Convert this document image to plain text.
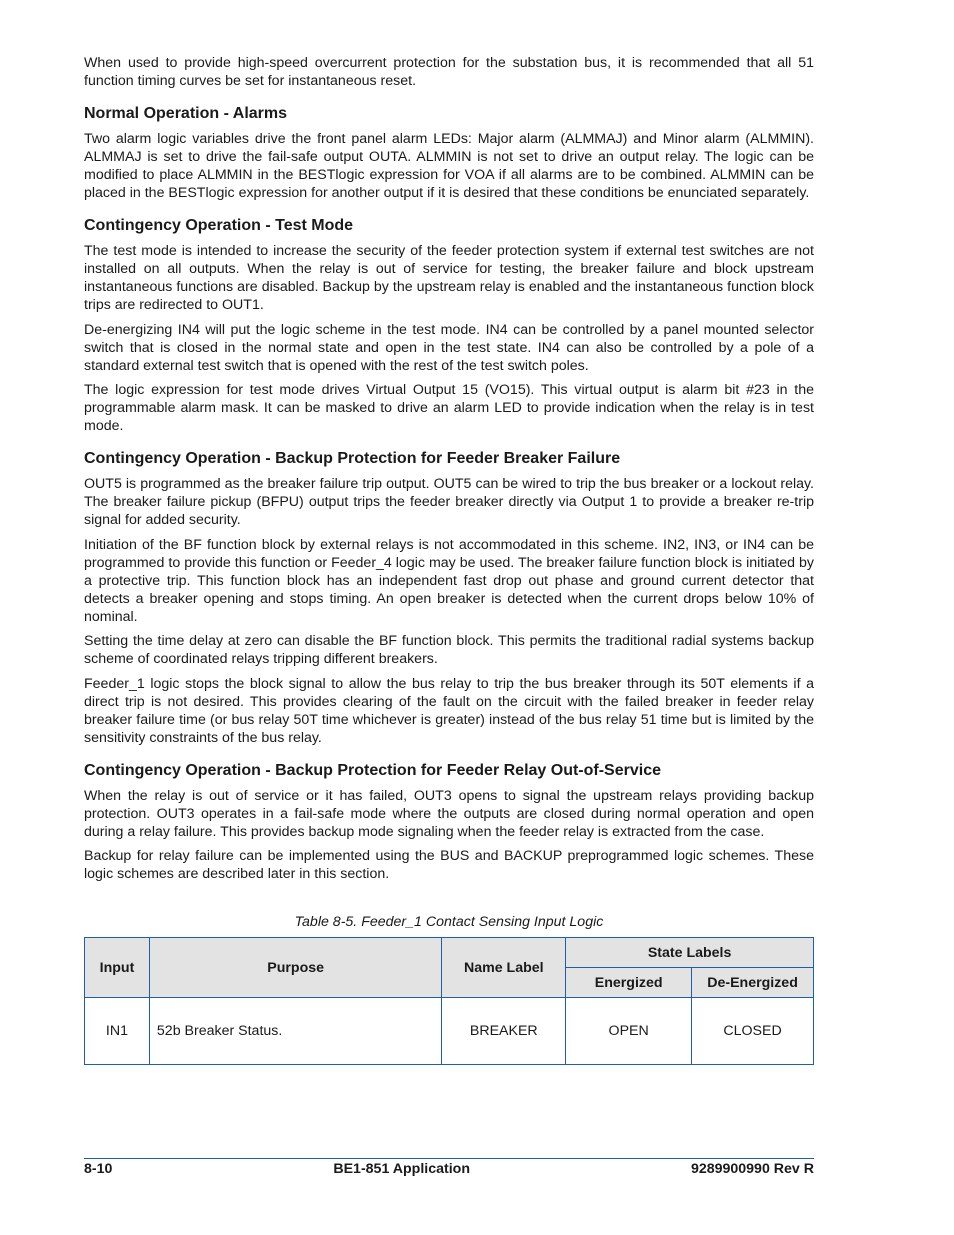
When used to provide high-speed overcurrent protection for the substation bus, it is recommended that all 51 function timing curves be set for instantaneous reset.

Normal Operation - Alarms

Two alarm logic variables drive the front panel alarm LEDs: Major alarm (ALMMAJ) and Minor alarm (ALMMIN). ALMMAJ is set to drive the fail-safe output OUTA. ALMMIN is not set to drive an output relay. The logic can be modified to place ALMMIN in the BESTlogic expression for VOA if all alarms are to be combined. ALMMIN can be placed in the BESTlogic expression for another output if it is desired that these conditions be enunciated separately.

Contingency Operation - Test Mode

The test mode is intended to increase the security of the feeder protection system if external test switches are not installed on all outputs. When the relay is out of service for testing, the breaker failure and block upstream instantaneous functions are disabled. Backup by the upstream relay is enabled and the instantaneous function block trips are redirected to OUT1.

De-energizing IN4 will put the logic scheme in the test mode. IN4 can be controlled by a panel mounted selector switch that is closed in the normal state and open in the test state. IN4 can also be controlled by a pole of a standard external test switch that is opened with the rest of the test switch poles.

The logic expression for test mode drives Virtual Output 15 (VO15). This virtual output is alarm bit #23 in the programmable alarm mask. It can be masked to drive an alarm LED to provide indication when the relay is in test mode.

Contingency Operation - Backup Protection for Feeder Breaker Failure

OUT5 is programmed as the breaker failure trip output. OUT5 can be wired to trip the bus breaker or a lockout relay. The breaker failure pickup (BFPU) output trips the feeder breaker directly via Output 1 to provide a breaker re-trip signal for added security.

Initiation of the BF function block by external relays is not accommodated in this scheme. IN2, IN3, or IN4 can be programmed to provide this function or Feeder_4 logic may be used. The breaker failure function block is initiated by a protective trip. This function block has an independent fast drop out phase and ground current detector that detects a breaker opening and stops timing. An open breaker is detected when the current drops below 10% of nominal.

Setting the time delay at zero can disable the BF function block. This permits the traditional radial systems backup scheme of coordinated relays tripping different breakers.

Feeder_1 logic stops the block signal to allow the bus relay to trip the bus breaker through its 50T elements if a direct trip is not desired. This provides clearing of the fault on the circuit with the failed breaker in feeder relay breaker failure time (or bus relay 50T time whichever is greater) instead of the bus relay 51 time but is limited by the sensitivity constraints of the bus relay.

Contingency Operation - Backup Protection for Feeder Relay Out-of-Service

When the relay is out of service or it has failed, OUT3 opens to signal the upstream relays providing backup protection. OUT3 operates in a fail-safe mode where the outputs are closed during normal operation and open during a relay failure. This provides backup mode signaling when the feeder relay is extracted from the case.

Backup for relay failure can be implemented using the BUS and BACKUP preprogrammed logic schemes. These logic schemes are described later in this section.

Table 8-5. Feeder_1 Contact Sensing Input Logic
Input	Purpose	Name Label	State Labels	
			Energized	De-Energized
IN1	52b Breaker Status.	BREAKER	OPEN	CLOSED
8-10	BE1-851 Application	9289900990 Rev R
